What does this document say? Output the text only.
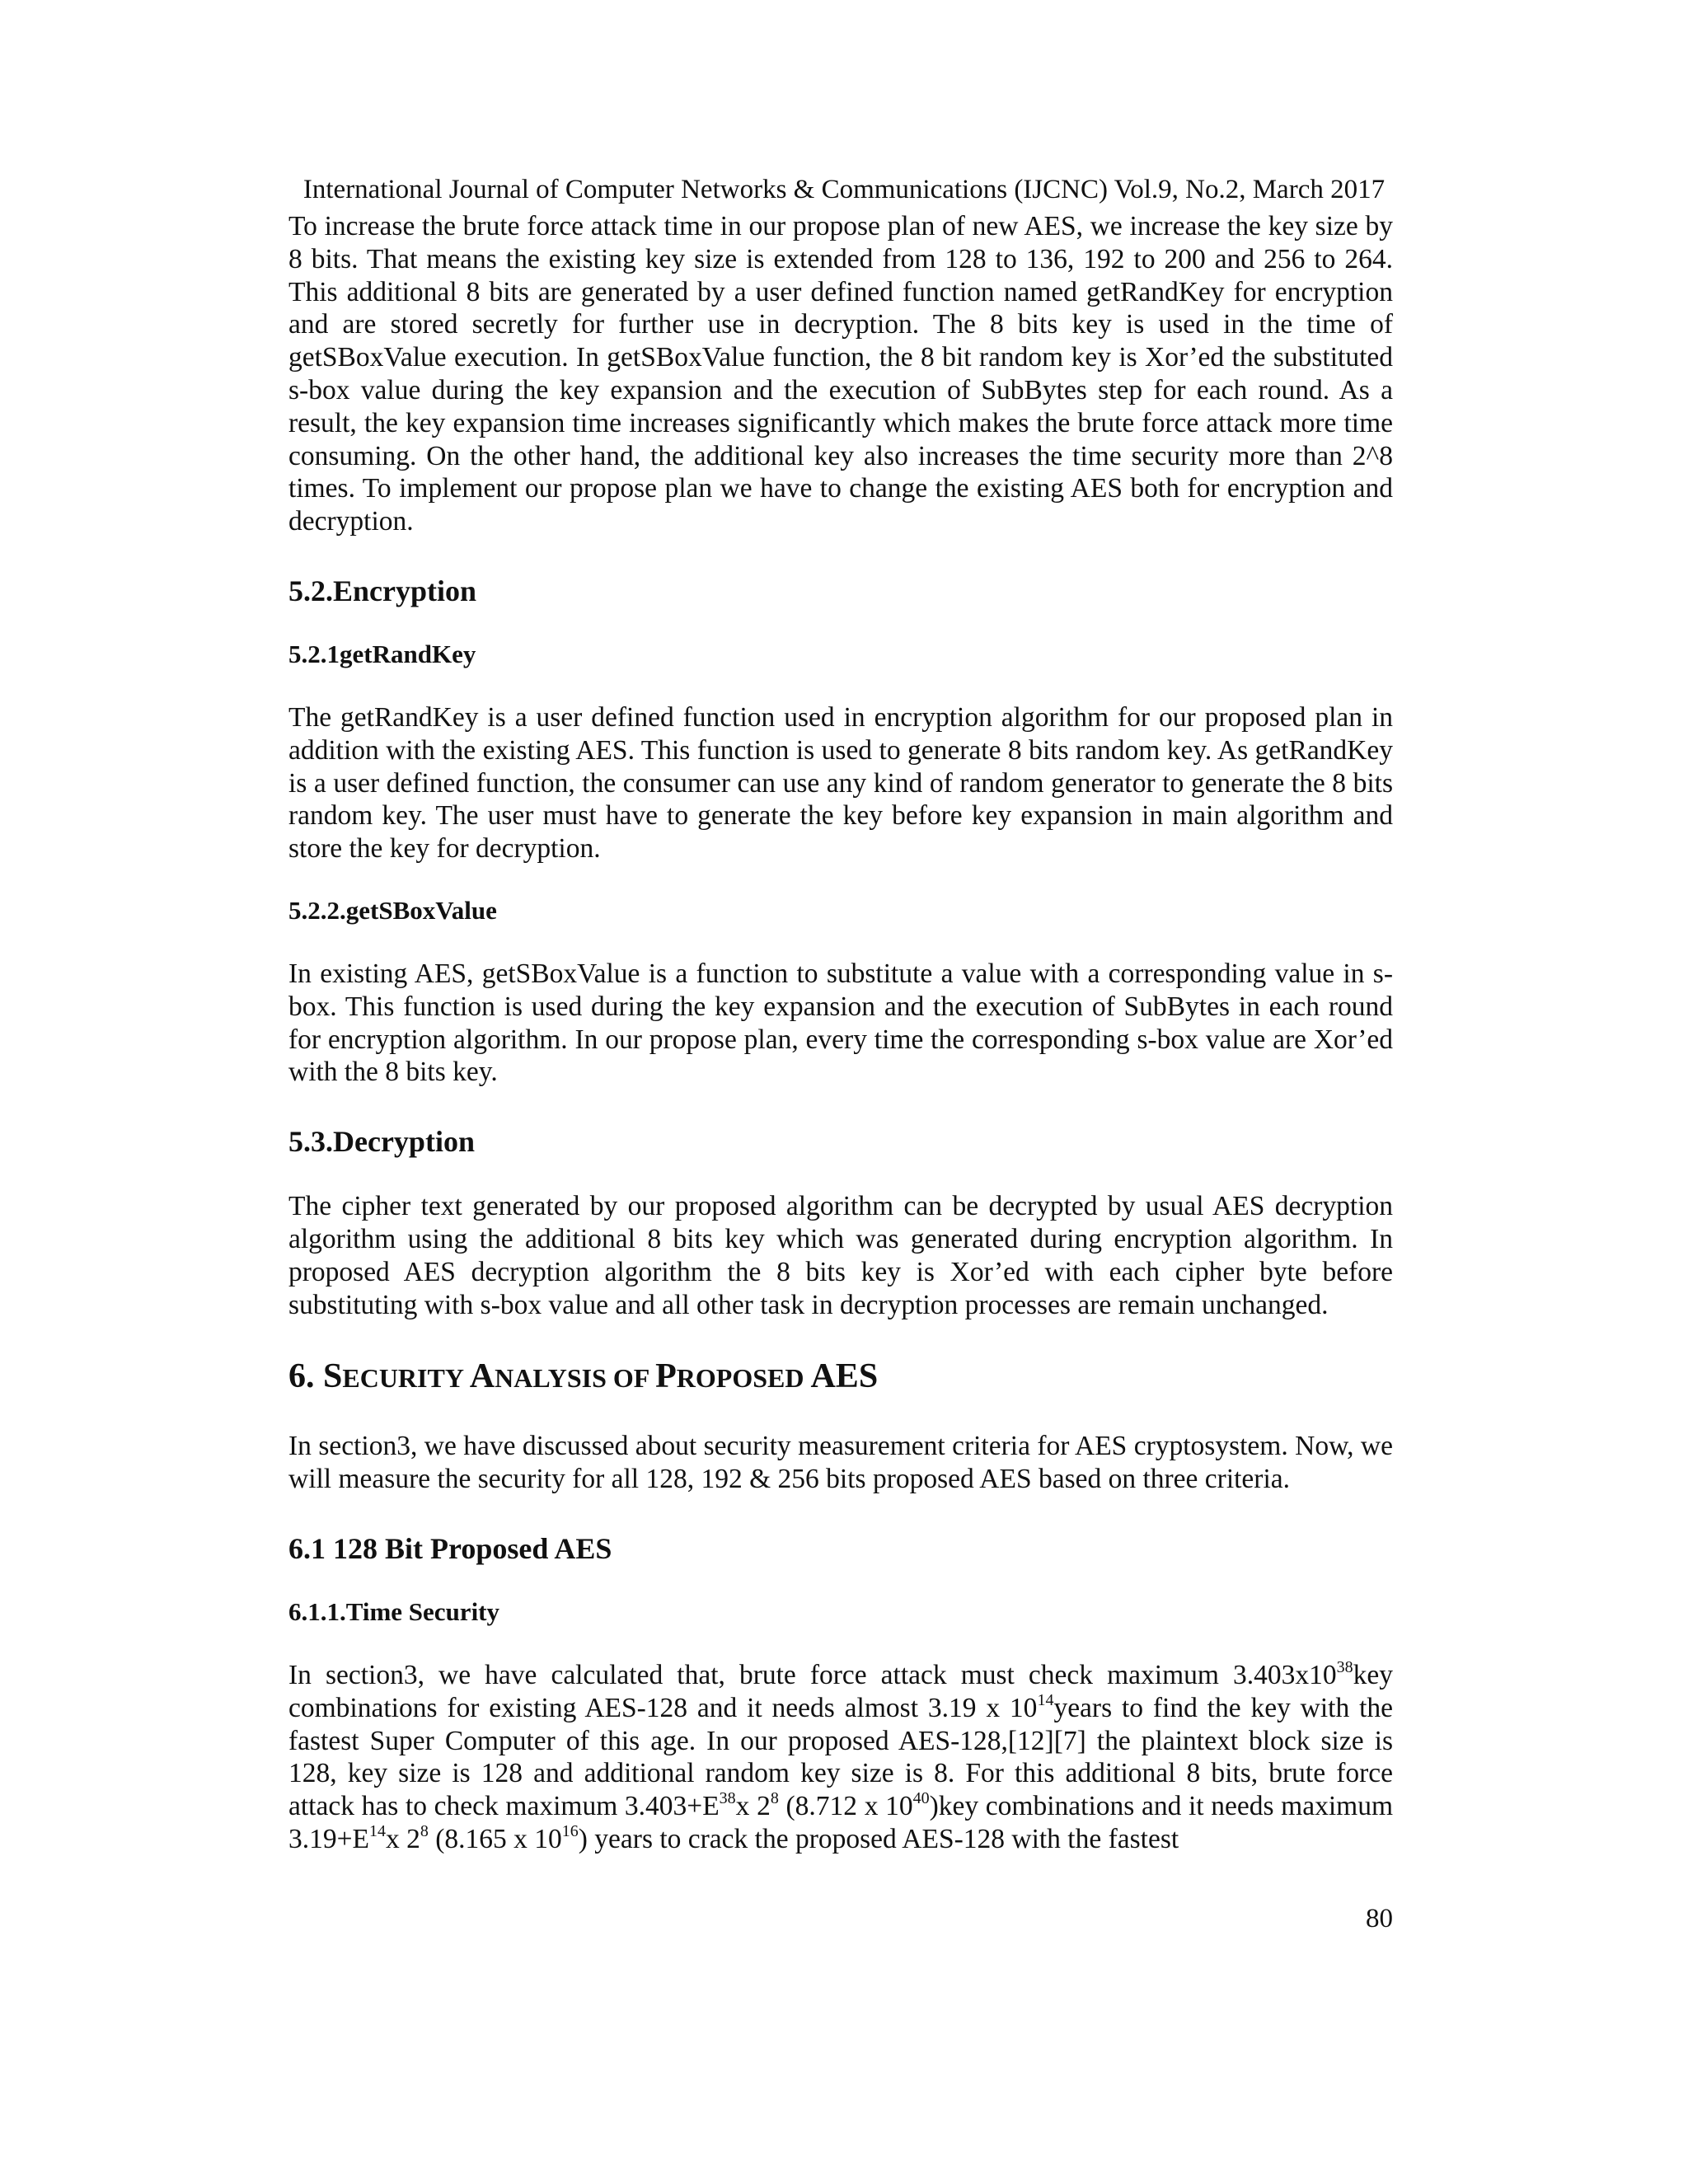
International Journal of Computer Networks & Communications (IJCNC) Vol.9, No.2, March 2017

To increase the brute force attack time in our propose plan of new AES, we increase the key size by 8 bits. That means the existing key size is extended from 128 to 136, 192 to 200 and 256 to 264. This additional 8 bits are generated by a user defined function named getRandKey for encryption and are stored secretly for further use in decryption. The 8 bits key is used in the time of getSBoxValue execution. In getSBoxValue function, the 8 bit random key is Xor’ed the substituted s-box value during the key expansion and the execution of SubBytes step for each round. As a result, the key expansion time increases significantly which makes the brute force attack more time consuming. On the other hand, the additional key also increases the time security more than 2^8 times. To implement our propose plan we have to change the existing AES both for encryption and decryption.

5.2.Encryption
5.2.1getRandKey

The getRandKey is a user defined function used in encryption algorithm for our proposed plan in addition with the existing AES. This function is used to generate 8 bits random key. As getRandKey is a user defined function, the consumer can use any kind of random generator to generate the 8 bits random key. The user must have to generate the key before key expansion in main algorithm and store the key for decryption.

5.2.2.getSBoxValue

In existing AES, getSBoxValue is a function to substitute a value with a corresponding value in s-box. This function is used during the key expansion and the execution of SubBytes in each round for encryption algorithm. In our propose plan, every time the corresponding s-box value are Xor’ed with the 8 bits key.

5.3.Decryption

The cipher text generated by our proposed algorithm can be decrypted by usual AES decryption algorithm using the additional 8 bits key which was generated during encryption algorithm. In proposed AES decryption algorithm the 8 bits key is Xor’ed with each cipher byte before substituting with s-box value and all other task in decryption processes are remain unchanged.

6. SECURITY ANALYSIS OF PROPOSED AES

In section3, we have discussed about security measurement criteria for AES cryptosystem. Now, we will measure the security for all 128, 192 & 256 bits proposed AES based on three criteria.

6.1 128 Bit Proposed AES
6.1.1.Time Security

In section3, we have calculated that, brute force attack must check maximum $3.403x10^{38}key$ combinations for existing AES-128 and it needs almost 3.19 x $10^{14}years$ to find the key with the fastest Super Computer of this age. In our proposed AES-128,[12][7] the plaintext block size is 128, key size is 128 and additional random key size is 8. For this additional 8 bits, brute force attack has to check maximum $3.403+E^{38}x$ $2^8$ (8.712 x $10^{40})key$ combinations and it needs maximum $3.19+E^{14}x$ $2^8$ (8.165 x $10^{16}$) years to crack the proposed AES-128 with the fastest

80
